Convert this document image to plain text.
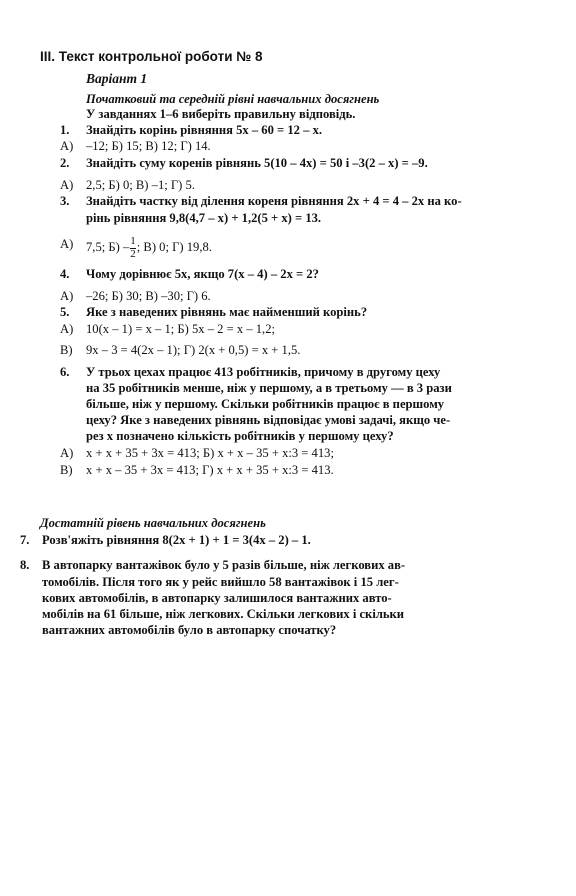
III. Текст контрольної роботи № 8
Варіант 1
Початковий та середній рівні навчальних досягнень
У завданнях 1–6 виберіть правильну відповідь.
1.	Знайдіть корінь рівняння 5x – 60 = 12 – x.
А)	–12; Б) 15; В) 12; Г) 14.
2.	Знайдіть суму коренів рівнянь 5(10 – 4x) = 50 і –3(2 – x) = –9.
А)	2,5; Б) 0; В) –1; Г) 5.
3.	Знайдіть частку від ділення кореня рівняння 2x + 4 = 4 – 2x на ко-
рінь рівняння 9,8(4,7 – x) + 1,2(5 + x) = 13.
А)	7,5; $Б) - \frac{1}{2}$ ; В) 0; Г) 19,8.
4.	Чому дорівнює 5x, якщо 7(x – 4) – 2x = 2?
А)	–26; Б) 30; В) –30; Г) 6.
5.	Яке з наведених рівнянь має найменший корінь?
А)	10(x – 1) = x – 1; Б) 5x – 2 = x – 1,2;
В)	9x – 3 = 4(2x – 1); Г) 2(x + 0,5) = x + 1,5.
6.	У трьох цехах працює 413 робітників, причому в другому цеху
на 35 робітників менше, ніж у першому, а в третьому — в 3 рази
більше, ніж у першому. Скільки робітників працює в першому
цеху? Яке з наведених рівнянь відповідає умові задачі, якщо че-
рез x позначено кількість робітників у першому цеху?
А)	x + x + 35 + 3x = 413; Б) x + x – 35 + x:3 = 413;
В)	x + x – 35 + 3x = 413; Г) x + x + 35 + x:3 = 413.
Достатній рівень навчальних досягнень
7. Розв'яжіть рівняння 8(2x + 1) + 1 = 3(4x – 2) – 1.
8. В автопарку вантажівок було у 5 разів більше, ніж легкових ав-
томобілів. Після того як у рейс вийшло 58 вантажівок і 15 лег-
кових автомобілів, в автопарку залишилося вантажних авто-
мобілів на 61 більше, ніж легкових. Скільки легкових і скільки
вантажних автомобілів було в автопарку спочатку?
